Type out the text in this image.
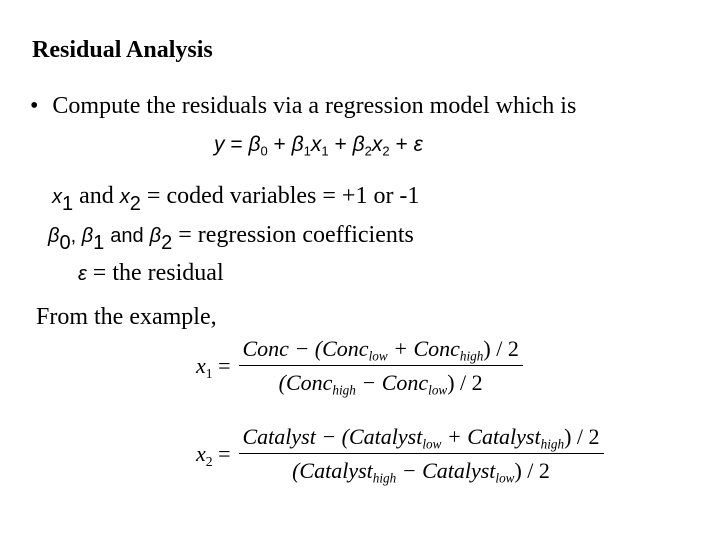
Residual Analysis
• Compute the residuals via a regression model which is
$y = \beta_0 + \beta_1x_1 + \beta_2x_2 + \varepsilon$
$x_1$ and $x_2$ = coded variables = +1 or -1
$\beta_0$, $\beta_1$ and $\beta_2$ = regression coefficients
ε = the residual
From the example,
$x_1 = \frac{Conc - (Conc_{low} + Conc_{high}) / 2}{(Conc_{high} - Conc_{low}) / 2}$
$x_2 = \frac{Catalyst - (Catalyst_{low} + Catalyst_{high}) / 2}{(Catalyst_{high} - Catalyst_{low}) / 2}$
